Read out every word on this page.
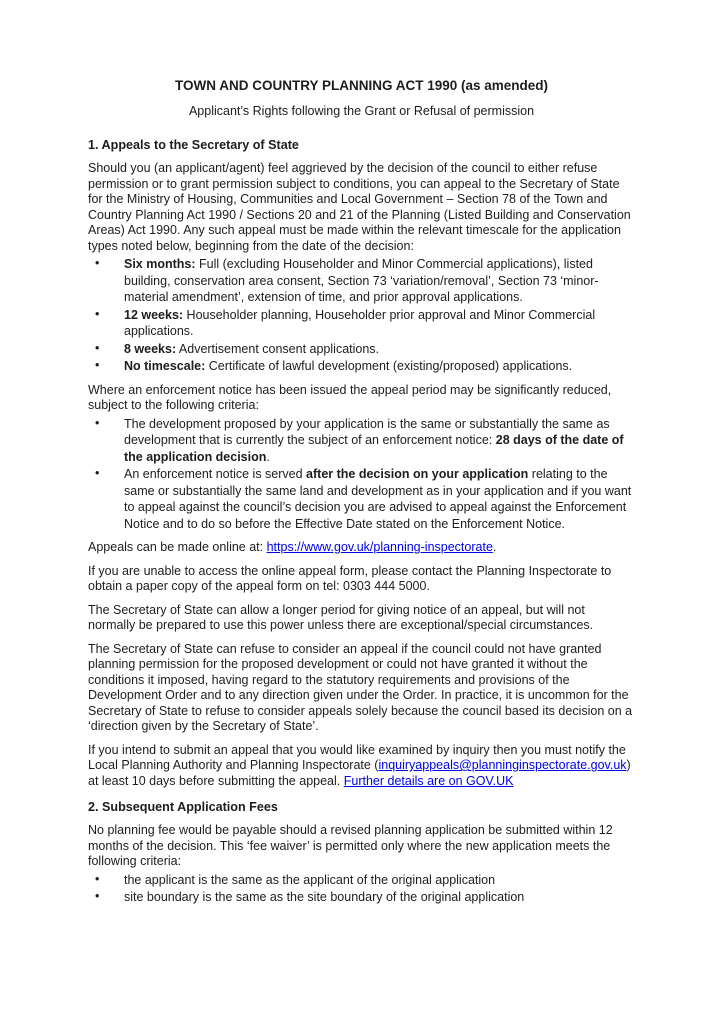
TOWN AND COUNTRY PLANNING ACT 1990 (as amended)

Applicant’s Rights following the Grant or Refusal of permission

1. Appeals to the Secretary of State

Should you (an applicant/agent) feel aggrieved by the decision of the council to either refuse permission or to grant permission subject to conditions, you can appeal to the Secretary of State for the Ministry of Housing, Communities and Local Government – Section 78 of the Town and Country Planning Act 1990 / Sections 20 and 21 of the Planning (Listed Building and Conservation Areas) Act 1990. Any such appeal must be made within the relevant timescale for the application types noted below, beginning from the date of the decision:

• Six months: Full (excluding Householder and Minor Commercial applications), listed building, conservation area consent, Section 73 ‘variation/removal’, Section 73 ‘minor-material amendment’, extension of time, and prior approval applications.
• 12 weeks: Householder planning, Householder prior approval and Minor Commercial applications.
• 8 weeks: Advertisement consent applications.
• No timescale: Certificate of lawful development (existing/proposed) applications.

Where an enforcement notice has been issued the appeal period may be significantly reduced, subject to the following criteria:

• The development proposed by your application is the same or substantially the same as development that is currently the subject of an enforcement notice: 28 days of the date of the application decision.
• An enforcement notice is served after the decision on your application relating to the same or substantially the same land and development as in your application and if you want to appeal against the council’s decision you are advised to appeal against the Enforcement Notice and to do so before the Effective Date stated on the Enforcement Notice.

Appeals can be made online at: https://www.gov.uk/planning-inspectorate.

If you are unable to access the online appeal form, please contact the Planning Inspectorate to obtain a paper copy of the appeal form on tel: 0303 444 5000.

The Secretary of State can allow a longer period for giving notice of an appeal, but will not normally be prepared to use this power unless there are exceptional/special circumstances.

The Secretary of State can refuse to consider an appeal if the council could not have granted planning permission for the proposed development or could not have granted it without the conditions it imposed, having regard to the statutory requirements and provisions of the Development Order and to any direction given under the Order. In practice, it is uncommon for the Secretary of State to refuse to consider appeals solely because the council based its decision on a ‘direction given by the Secretary of State’.

If you intend to submit an appeal that you would like examined by inquiry then you must notify the Local Planning Authority and Planning Inspectorate (inquiryappeals@planninginspectorate.gov.uk) at least 10 days before submitting the appeal. Further details are on GOV.UK

2. Subsequent Application Fees

No planning fee would be payable should a revised planning application be submitted within 12 months of the decision. This ‘fee waiver’ is permitted only where the new application meets the following criteria:

• the applicant is the same as the applicant of the original application
• site boundary is the same as the site boundary of the original application
